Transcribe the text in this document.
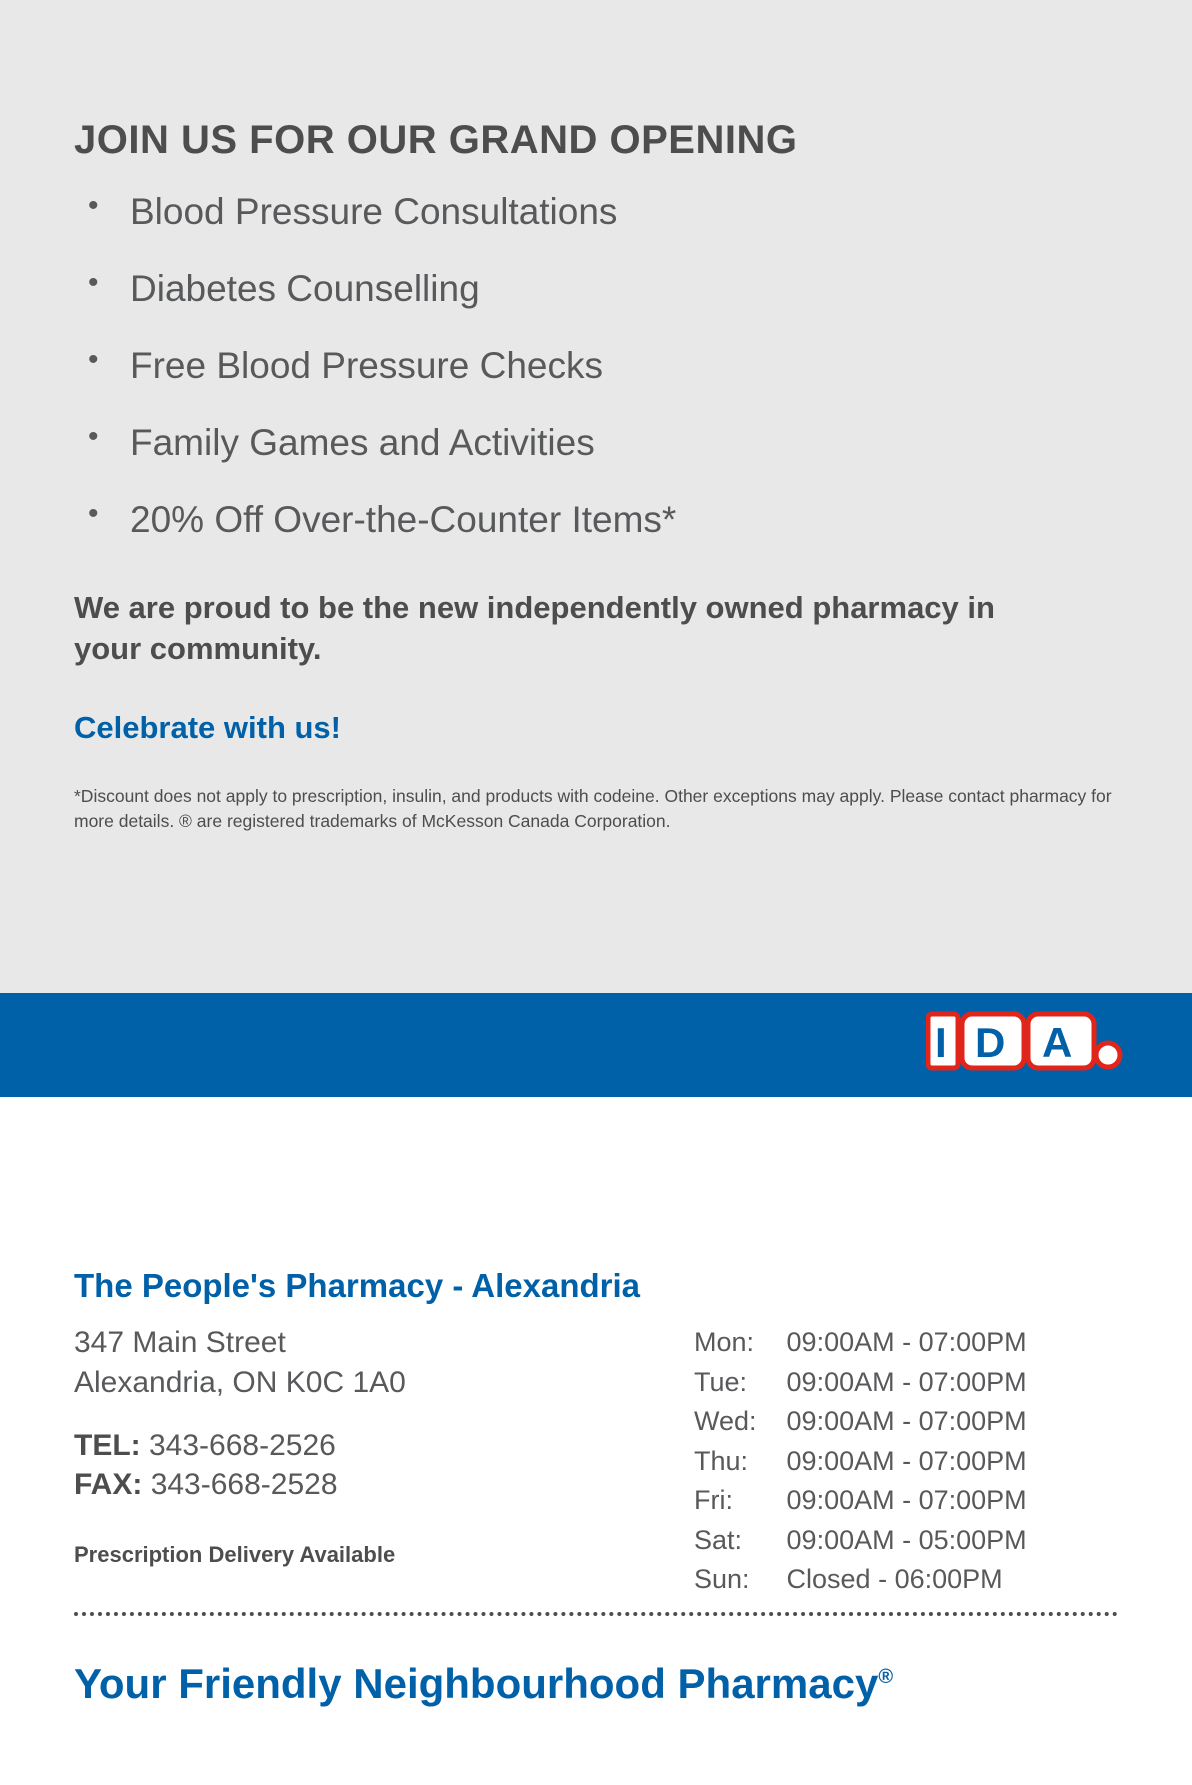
JOIN US FOR OUR GRAND OPENING
• Blood Pressure Consultations
• Diabetes Counselling
• Free Blood Pressure Checks
• Family Games and Activities
• 20% Off Over-the-Counter Items*

We are proud to be the new independently owned pharmacy in your community.

Celebrate with us!

*Discount does not apply to prescription, insulin, and products with codeine. Other exceptions may apply. Please contact pharmacy for more details. ® are registered trademarks of McKesson Canada Corporation.

I D A
The People's Pharmacy - Alexandria
347 Main Street
Alexandria, ON K0C 1A0
TEL: 343-668-2526
FAX: 343-668-2528
Prescription Delivery Available
Mon:	09:00AM - 07:00PM
Tue:	09:00AM - 07:00PM
Wed:	09:00AM - 07:00PM
Thu:	09:00AM - 07:00PM
Fri:	09:00AM - 07:00PM
Sat:	09:00AM - 05:00PM
Sun:	Closed - 06:00PM
Your Friendly Neighbourhood Pharmacy®
